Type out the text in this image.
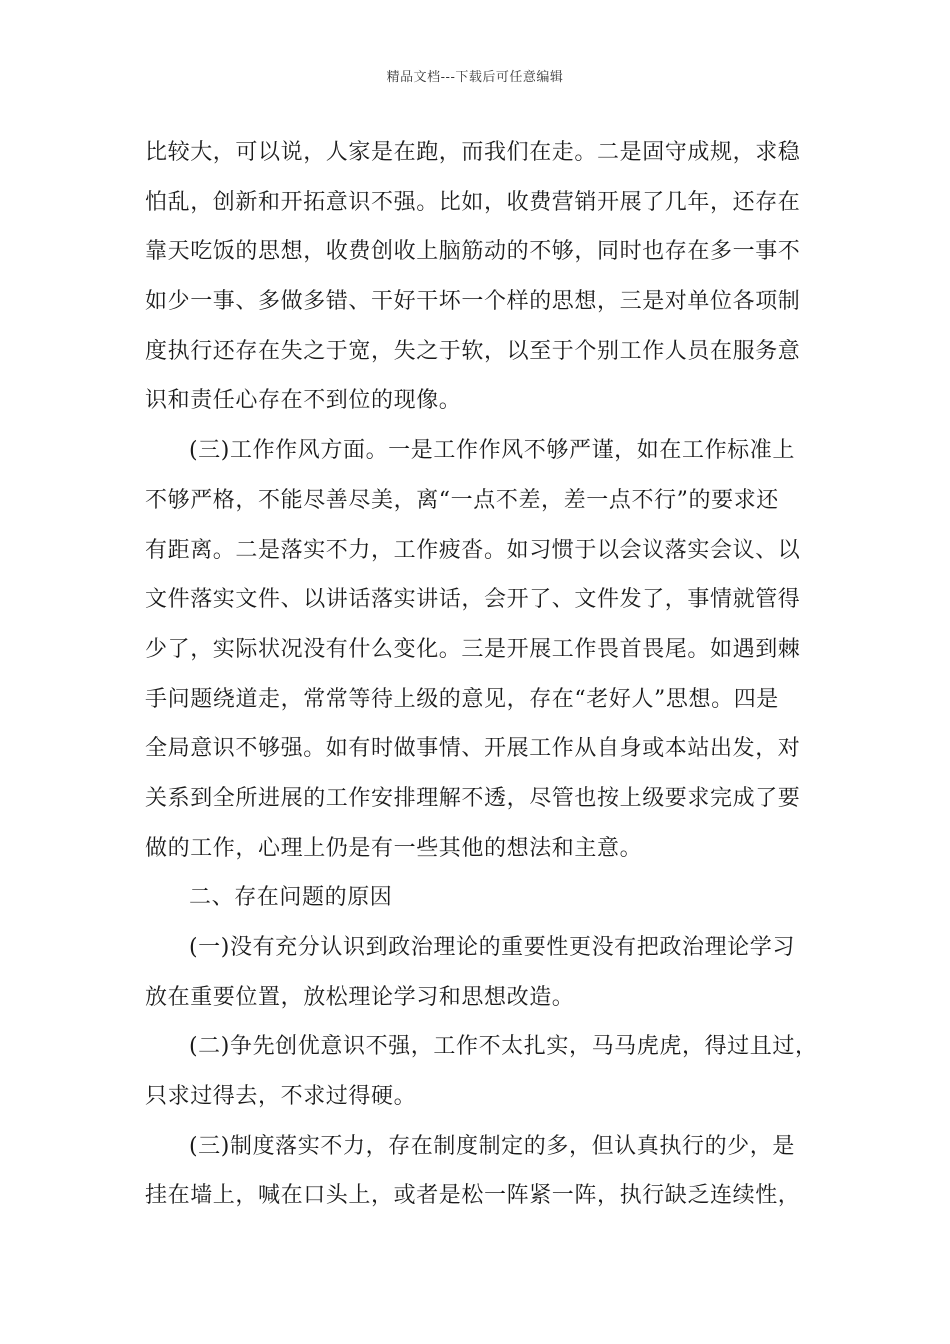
精品文档---下载后可任意编辑
比较大，可以说，人家是在跑，而我们在走。二是固守成规，求稳
怕乱，创新和开拓意识不强。比如，收费营销开展了几年，还存在
靠天吃饭的思想，收费创收上脑筋动的不够，同时也存在多一事不
如少一事、多做多错、干好干坏一个样的思想，三是对单位各项制
度执行还存在失之于宽，失之于软，以至于个别工作人员在服务意
识和责任心存在不到位的现像。
(三)工作作风方面。一是工作作风不够严谨，如在工作标准上
不够严格，不能尽善尽美，离“一点不差，差一点不行”的要求还
有距离。二是落实不力，工作疲沓。如习惯于以会议落实会议、以
文件落实文件、以讲话落实讲话，会开了、文件发了，事情就管得
少了，实际状况没有什么变化。三是开展工作畏首畏尾。如遇到棘
手问题绕道走，常常等待上级的意见，存在“老好人”思想。四是
全局意识不够强。如有时做事情、开展工作从自身或本站出发，对
关系到全所进展的工作安排理解不透，尽管也按上级要求完成了要
做的工作，心理上仍是有一些其他的想法和主意。
二、存在问题的原因
(一)没有充分认识到政治理论的重要性更没有把政治理论学习
放在重要位置，放松理论学习和思想改造。
(二)争先创优意识不强，工作不太扎实，马马虎虎，得过且过，
只求过得去，不求过得硬。
(三)制度落实不力，存在制度制定的多，但认真执行的少，是
挂在墙上，喊在口头上，或者是松一阵紧一阵，执行缺乏连续性，
